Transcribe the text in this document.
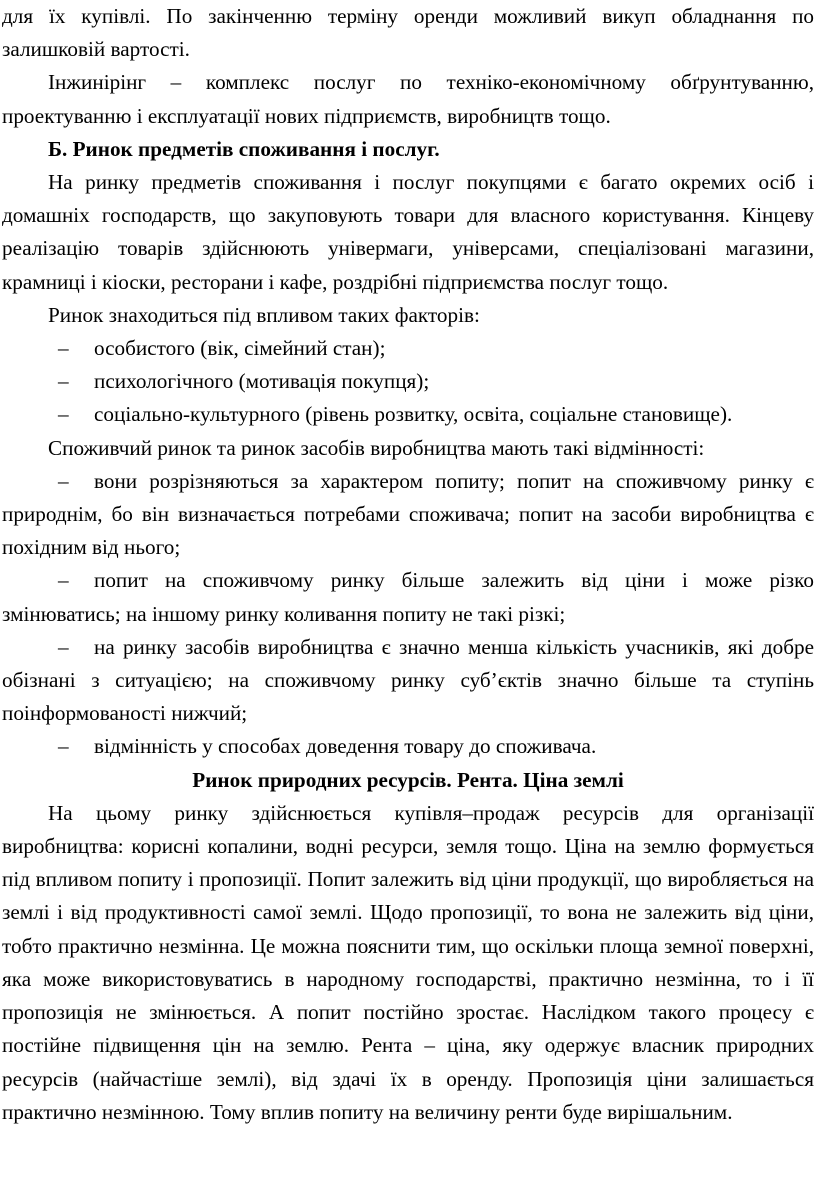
для їх купівлі. По закінченню терміну оренди можливий викуп обладнання по залишковій вартості.

Інжинірінг – комплекс послуг по техніко-економічному обґрунтуванню, проектуванню і експлуатації нових підприємств, виробництв тощо.

Б. Ринок предметів споживання і послуг.

На ринку предметів споживання і послуг покупцями є багато окремих осіб і домашніх господарств, що закуповують товари для власного користування. Кінцеву реалізацію товарів здійснюють універмаги, універсами, спеціалізовані магазини, крамниці і кіоски, ресторани і кафе, роздрібні підприємства послуг тощо.

Ринок знаходиться під впливом таких факторів:

– особистого (вік, сімейний стан);

– психологічного (мотивація покупця);

– соціально-культурного (рівень розвитку, освіта, соціальне становище).

Споживчий ринок та ринок засобів виробництва мають такі відмінності:

– вони розрізняються за характером попиту; попит на споживчому ринку є природнім, бо він визначається потребами споживача; попит на засоби виробництва є похідним від нього;

– попит на споживчому ринку більше залежить від ціни і може різко змінюватись; на іншому ринку коливання попиту не такі різкі;

– на ринку засобів виробництва є значно менша кількість учасників, які добре обізнані з ситуацією; на споживчому ринку суб’єктів значно більше та ступінь поінформованості нижчий;

– відмінність у способах доведення товару до споживача.

Ринок природних ресурсів. Рента. Ціна землі

На цьому ринку здійснюється купівля–продаж ресурсів для організації виробництва: корисні копалини, водні ресурси, земля тощо. Ціна на землю формується під впливом попиту і пропозиції. Попит залежить від ціни продукції, що виробляється на землі і від продуктивності самої землі. Щодо пропозиції, то вона не залежить від ціни, тобто практично незмінна. Це можна пояснити тим, що оскільки площа земної поверхні, яка може використовуватись в народному господарстві, практично незмінна, то і її пропозиція не змінюється. А попит постійно зростає. Наслідком такого процесу є постійне підвищення цін на землю. Рента – ціна, яку одержує власник природних ресурсів (найчастіше землі), від здачі їх в оренду. Пропозиція ціни залишається практично незмінною. Тому вплив попиту на величину ренти буде вирішальним.
